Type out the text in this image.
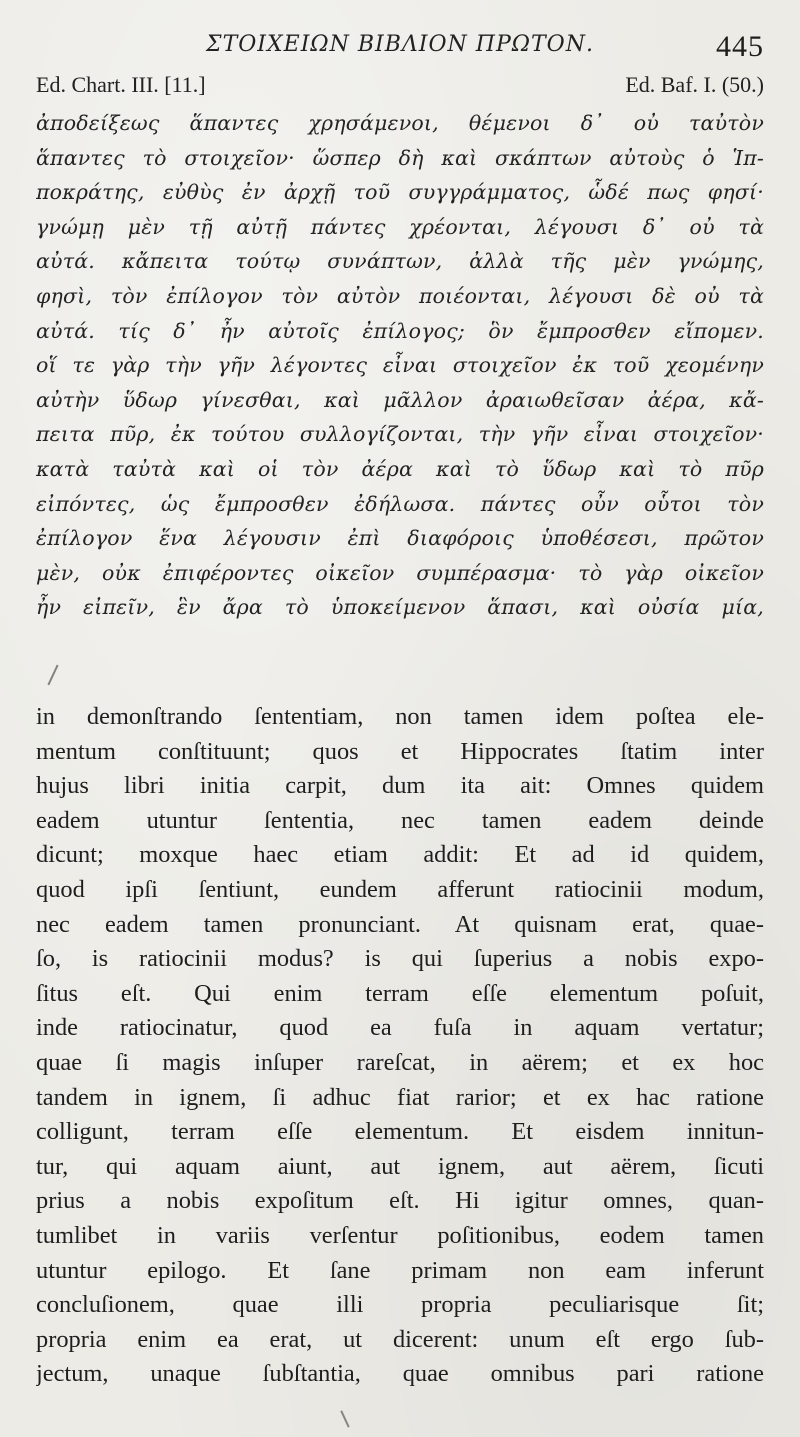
ΣΤΟΙΧΕΙΩΝ ΒΙΒΛΙΟΝ ΠΡΩΤΟΝ.	445
Ed. Chart. III. [11.]	Ed. Baf. I. (50.)
ἀποδείξεως ἅπαντες χρησάμενοι, θέμενοι δ᾽ οὐ ταὐτὸν
ἅπαντες τὸ στοιχεῖον· ὥσπερ δὴ καὶ σκάπτων αὐτοὺς ὁ Ἱπ-
ποκράτης, εὐθὺς ἐν ἀρχῇ τοῦ συγγράμματος, ὧδέ πως φησί·
γνώμῃ μὲν τῇ αὐτῇ πάντες χρέονται, λέγουσι δ᾽ οὐ τὰ
αὐτά. κἄπειτα τούτῳ συνάπτων, ἀλλὰ τῆς μὲν γνώμης,
φησὶ, τὸν ἐπίλογον τὸν αὐτὸν ποιέονται, λέγουσι δὲ οὐ τὰ
αὐτά. τίς δ᾽ ἦν αὐτοῖς ἐπίλογος; ὃν ἔμπροσθεν εἴπομεν.
οἵ τε γὰρ τὴν γῆν λέγοντες εἶναι στοιχεῖον ἐκ τοῦ χεομένην
αὐτὴν ὕδωρ γίνεσθαι, καὶ μᾶλλον ἀραιωθεῖσαν ἀέρα, κἄ-
πειτα πῦρ, ἐκ τούτου συλλογίζονται, τὴν γῆν εἶναι στοιχεῖον·
κατὰ ταὐτὰ καὶ οἱ τὸν ἀέρα καὶ τὸ ὕδωρ καὶ τὸ πῦρ
εἰπόντες, ὡς ἔμπροσθεν ἐδήλωσα. πάντες οὖν οὗτοι τὸν
ἐπίλογον ἕνα λέγουσιν ἐπὶ διαφόροις ὑποθέσεσι, πρῶτον
μὲν, οὐκ ἐπιφέροντες οἰκεῖον συμπέρασμα· τὸ γὰρ οἰκεῖον
ἦν εἰπεῖν, ἓν ἄρα τὸ ὑποκείμενον ἅπασι, καὶ οὐσία μία,
in demonſtrando ſententiam, non tamen idem poſtea ele-
mentum conſtituunt; quos et Hippocrates ſtatim inter
hujus libri initia carpit, dum ita ait: Omnes quidem
eadem utuntur ſententia, nec tamen eadem deinde
dicunt; moxque haec etiam addit: Et ad id quidem,
quod ipſi ſentiunt, eundem afferunt ratiocinii modum,
nec eadem tamen pronunciant. At quisnam erat, quae-
ſo, is ratiocinii modus? is qui ſuperius a nobis expo-
ſitus eſt. Qui enim terram eſſe elementum poſuit,
inde ratiocinatur, quod ea fuſa in aquam vertatur;
quae ſi magis inſuper rareſcat, in aërem; et ex hoc
tandem in ignem, ſi adhuc fiat rarior; et ex hac ratione
colligunt, terram eſſe elementum. Et eisdem innitun-
tur, qui aquam aiunt, aut ignem, aut aërem, ſicuti
prius a nobis expoſitum eſt. Hi igitur omnes, quan-
tumlibet in variis verſentur poſitionibus, eodem tamen
utuntur epilogo. Et ſane primam non eam inferunt
concluſionem, quae illi propria peculiarisque ſit;
propria enim ea erat, ut dicerent: unum eſt ergo ſub-
jectum, unaque ſubſtantia, quae omnibus pari ratione
